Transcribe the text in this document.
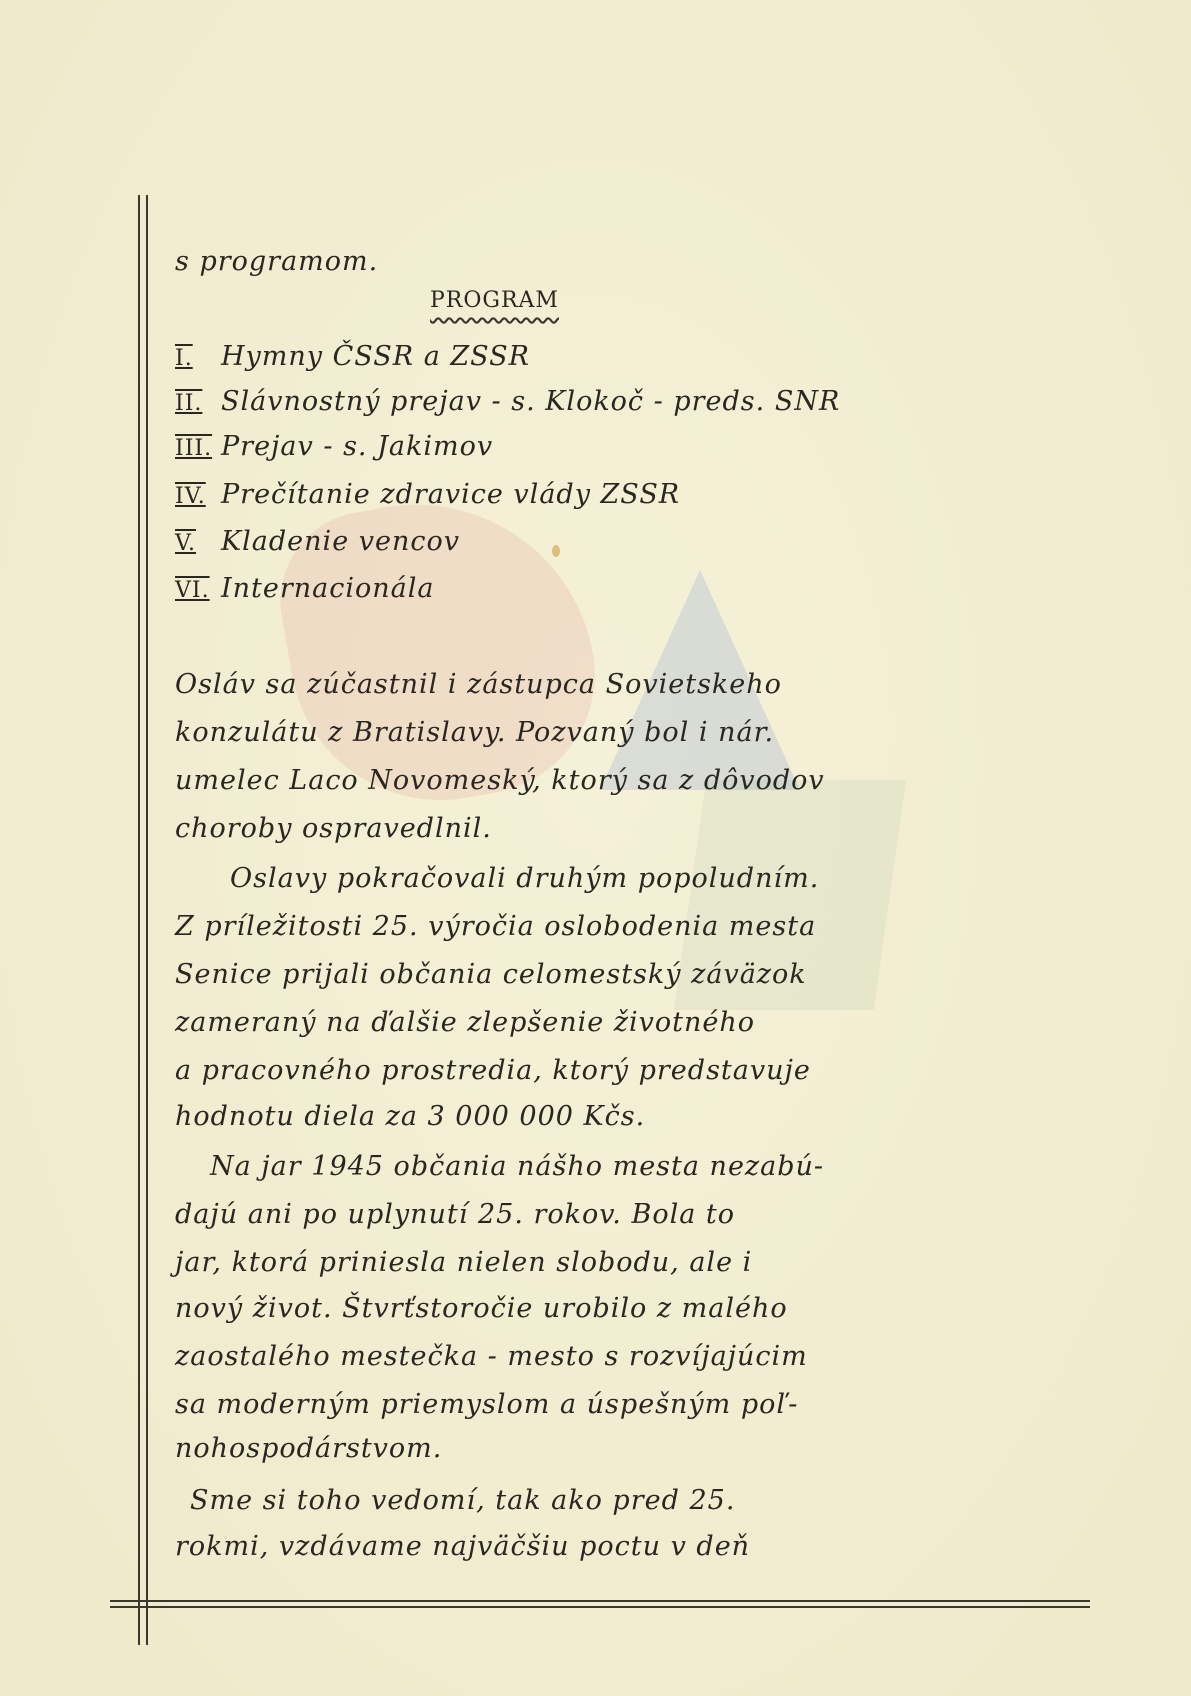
s programom.
PROGRAM
I. Hymny ČSSR a ZSSR
II. Slávnostný prejav - s. Klokoč - preds. SNR
III. Prejav - s. Jakimov
IV. Prečítanie zdravice vlády ZSSR
V. Kladenie vencov
VI. Internacionála
Osláv sa zúčastnil i zástupca Sovietskeho
konzulátu z Bratislavy. Pozvaný bol i nár.
umelec Laco Novomeský, ktorý sa z dôvodov
choroby ospravedlnil.
Oslavy pokračovali druhým popoludním.
Z príležitosti 25. výročia oslobodenia mesta
Senice prijali občania celomestský záväzok
zameraný na ďalšie zlepšenie životného
a pracovného prostredia, ktorý predstavuje
hodnotu diela za 3 000 000 Kčs.
Na jar 1945 občania nášho mesta nezabú-
dajú ani po uplynutí 25. rokov. Bola to
jar, ktorá priniesla nielen slobodu, ale i
nový život. Štvrťstoročie urobilo z malého
zaostalého mestečka - mesto s rozvíjajúcim
sa moderným priemyslom a úspešným poľ-
nohospodárstvom.
Sme si toho vedomí, tak ako pred 25.
rokmi, vzdávame najväčšiu poctu v deň
